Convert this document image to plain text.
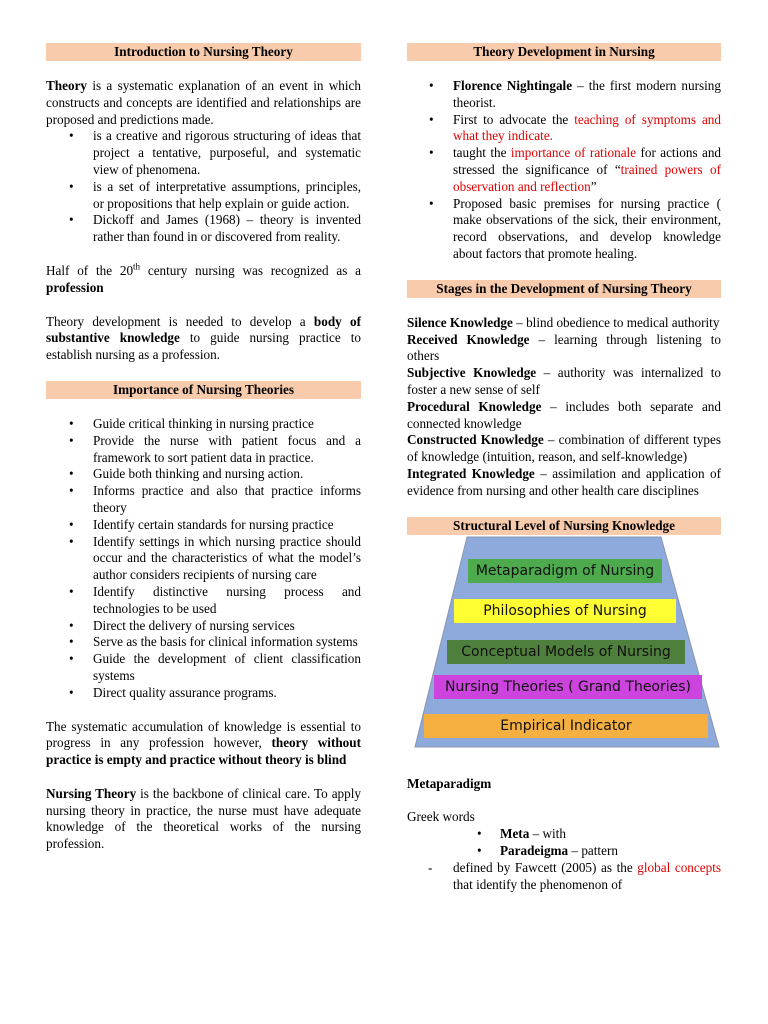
Introduction to Nursing Theory

Theory is a systematic explanation of an event in which constructs and concepts are identified and relationships are proposed and predictions made.

• is a creative and rigorous structuring of ideas that project a tentative, purposeful, and systematic view of phenomena.
• is a set of interpretative assumptions, principles, or propositions that help explain or guide action.
• Dickoff and James (1968) – theory is invented rather than found in or discovered from reality.

Half of the 20th century nursing was recognized as a profession

Theory development is needed to develop a body of substantive knowledge to guide nursing practice to establish nursing as a profession.

Importance of Nursing Theories
• Guide critical thinking in nursing practice
• Provide the nurse with patient focus and a framework to sort patient data in practice.
• Guide both thinking and nursing action.
• Informs practice and also that practice informs theory
• Identify certain standards for nursing practice
• Identify settings in which nursing practice should occur and the characteristics of what the model’s author considers recipients of nursing care
• Identify distinctive nursing process and technologies to be used
• Direct the delivery of nursing services
• Serve as the basis for clinical information systems
• Guide the development of client classification systems
• Direct quality assurance programs.

The systematic accumulation of knowledge is essential to progress in any profession however, theory without practice is empty and practice without theory is blind

Nursing Theory is the backbone of clinical care. To apply nursing theory in practice, the nurse must have adequate knowledge of the theoretical works of the nursing profession.

Theory Development in Nursing
• Florence Nightingale – the first modern nursing theorist.
• First to advocate the teaching of symptoms and what they indicate.
• taught the importance of rationale for actions and stressed the significance of “trained powers of observation and reflection”
• Proposed basic premises for nursing practice ( make observations of the sick, their environment, record observations, and develop knowledge about factors that promote healing.
Stages in the Development of Nursing Theory

Silence Knowledge – blind obedience to medical authority

Received Knowledge – learning through listening to others

Subjective Knowledge – authority was internalized to foster a new sense of self

Procedural Knowledge – includes both separate and connected knowledge

Constructed Knowledge – combination of different types of knowledge (intuition, reason, and self-knowledge)

Integrated Knowledge – assimilation and application of evidence from nursing and other health care disciplines

Structural Level of Nursing Knowledge
Metaparadigm of Nursing
Philosophies of Nursing
Conceptual Models of Nursing
Nursing Theories ( Grand Theories)
Empirical Indicator

Metaparadigm

Greek words

• Meta – with
• Paradeigma – pattern

- defined by Fawcett (2005) as the global concepts that identify the phenomenon of
